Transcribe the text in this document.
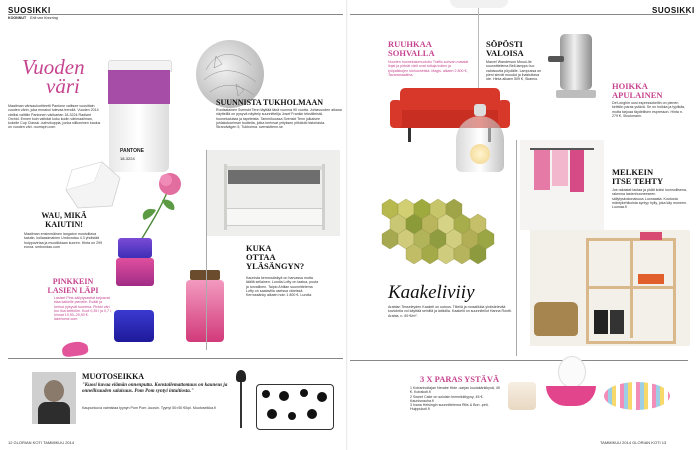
SUOSIKKI
KOONNUT Erik von Knorring
Vuoden
väri
Maailman värisaukortiteetti Pantone valitsee vuosittain vuoden värin, joka ennakoi tulevaa trendiä. Vuoden 2014 väriksi valittiin Pantonen värikartan 18-3224 Radiant Orchid. Ennen kuin vaihdat koko kodin värimaailman, kokeile Cup Classic -kahvikuppia, jonka silikoninen kaulus on vuoden väri. roomcph.com
PANTONE
18-3224
SUUNNISTA TUKHOLMAAN
Ruotsalainen Svenskt Tenn täyttää tänä vuonna 90 vuotta. Juhlavuoden aikana näytteillä on pysyvä näyttely suunnittelija Josef Frankin tekstiileistä, huonekaluista ja tapeteista. Tammikuussa Svenskt Tenn julkaisee juhlakokoelman tuotteita, jotka kertovat yrityksen pitkästä historiasta. Strandvägen 5, Tukholma. svenskttenn.se
WAU, MIKÄ
KAIUTIN!
Maailman ensimmäinen langaton muotoiltava kaiutin, kollaasimainen Umbondau 4.3 yhdistää huippuvirtaa ja muodikkaan kuoren. Hinta on 299 euroa. umbondau.com
PINKKEIN
LASIEN LÄPI
Lasiset Pink-säilytysastiat tarjoavat tilaa kaikelle pienelle. Eväät ja herkut pysyvät tuoreina. Pinkki väri tuo iloa keittiöön. Koot 0,35 l ja 0,7 l, hinnat 19,90–29,90 €. lakehome.com
KUKA
OTTAA
YLÄSÄNGYN?
Kaunista kerrossänkyä on harvassa mutta täällä sellainen: Lundia Lofty on laatua, puuta ja turvallinen. Taipio Ahtilan suunnittelema Lofty on saatavilla useissa väreissä. Kerrossänky alkaen noin 1 800 €. Lundia.
MUOTOSEIKKA
"Kuosi kuvaa elämän onnenputta. Konstailemattomuus on kauneus ja onnellisuuden salaisuus. Pom Pom syntyi intuitiosta."
Kaupunkuva valmistaa tyynyn Pom Pom -kuosin. Tyynyt 50×50 €/kpl. Muotoseikka.fi
12 GLORIAN KOTI TAMMIKUU 2014
SUOSIKKI
RUUHKAA
SOHVALLA
Nuorten huonekalumuotoilu Traffic-sohvan matalat linjat ja pirteät värit ovat tuttuja kotien ja työpaikkojen olohuoneista. Magis. alkaen 2 800 €, Tavaramaailma.
SÖPÖSTI
VALOISA
Marcel Wanderson Moooi-lle suunnittelema Bell-lamppu tuo valoisuutta pöydälle. Lampussa on pieni sievät muodot ja ihastuttava ote. Hinta alkaen 509 €, Skanno.
HOIKKA
APULAINEN
De'Longhin uusi espressokeitin on pienen keittiön paras ystävä. Se on hoikka ja tyylikäs, mutta tarjoaa täydellisen espresson. Hinta n. 279 €, Stockmann.
Kaakeliviiy
Arabian Tesseleyden Kaakeli on uutuus. Tiileliä ja mosaiikkia yhdistelevää kuviointia voi käyttää seinillä ja lattioilla. Kaakelit on suunnitellut Hanna Rontti. Arabia, n. 89 €/m².
MELKEIN
ITSE TEHTY
Jos rakastat lautaa ja pidät kotisi luonnollisena, rakenna lastenhuoneeseen säilytyskokonaisuus Luonaasta. Kootusta mäntykehikoista syntyy hylly, joka käy moneen. Luonaa.fi
3 X PARAS YSTÄVÄ
1 Koiranhoitajan Nerabe Hide -sarjan kuulakärkikynä, 49 €. Koirakoti.fi
2 Sweet Cake on suloisin lemmikkityyny, 45 €. Kaunisnauha.fi
3 Ivana Helsingin suunnittelema Rilis & Bon -peti, Huippukoti.fi
TAMMIKUU 2014 GLORIAN KOTI 13
